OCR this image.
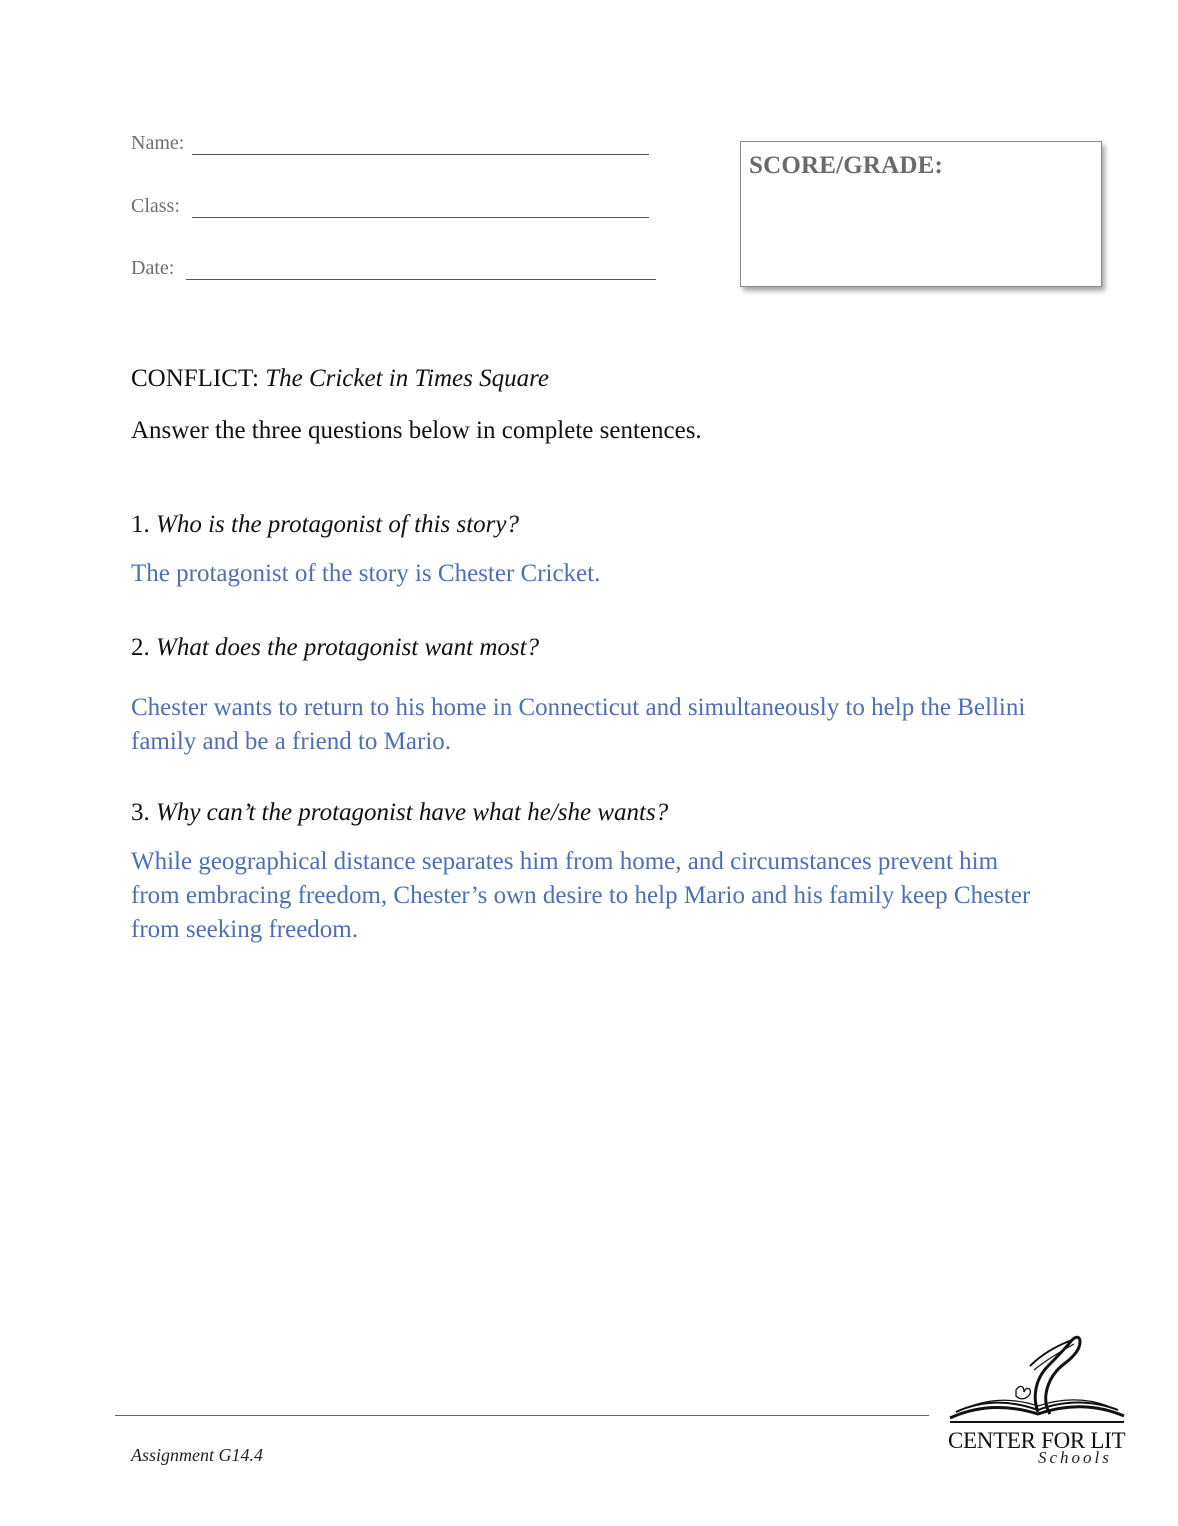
Name:
Class:
Date:
SCORE/GRADE:
CONFLICT: The Cricket in Times Square
Answer the three questions below in complete sentences.
1. Who is the protagonist of this story?
The protagonist of the story is Chester Cricket.
2. What does the protagonist want most?
Chester wants to return to his home in Connecticut and simultaneously to help the Bellini family and be a friend to Mario.
3. Why can’t the protagonist have what he/she wants?
While geographical distance separates him from home, and circumstances prevent him from embracing freedom, Chester’s own desire to help Mario and his family keep Chester from seeking freedom.
Assignment G14.4
CENTER FOR LIT
Schools
